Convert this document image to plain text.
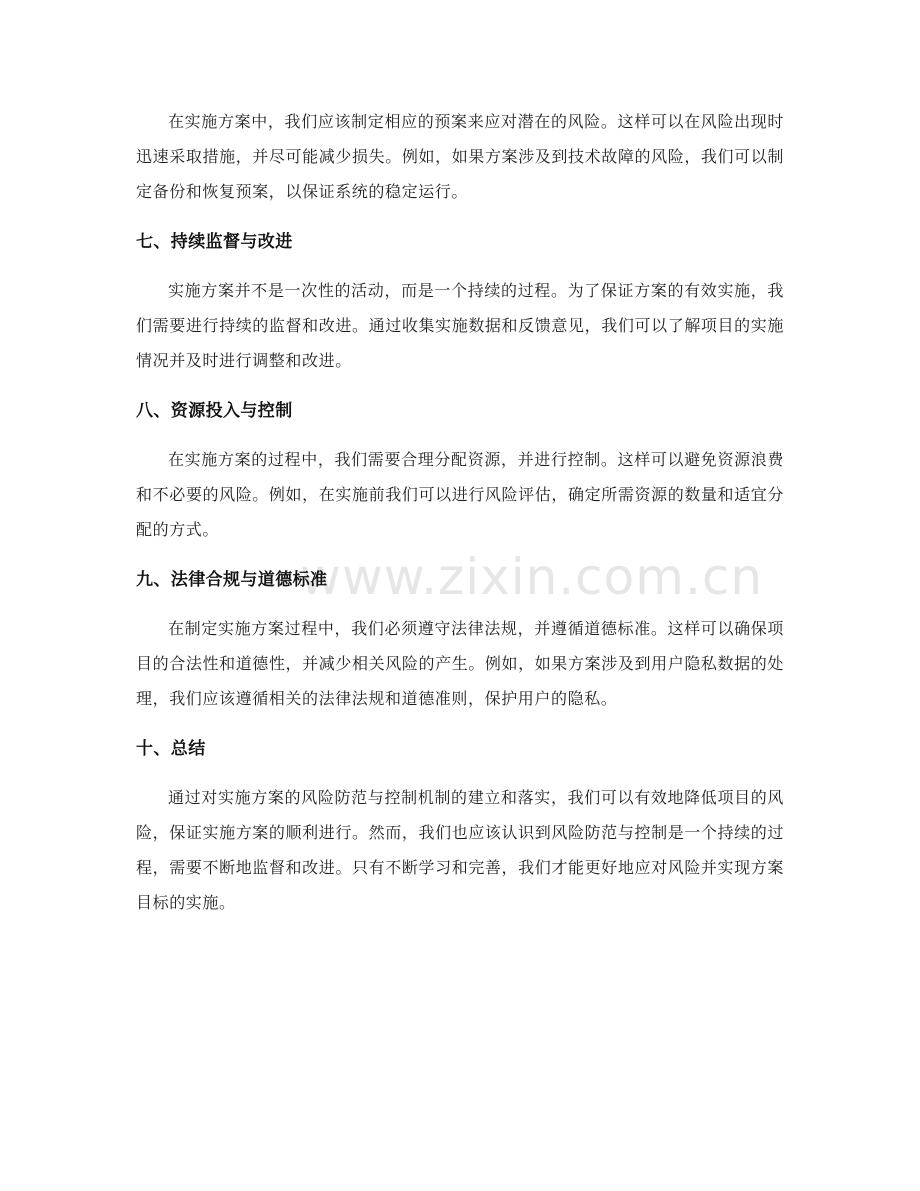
www.zixin.com.cn

在实施方案中，我们应该制定相应的预案来应对潜在的风险。这样可以在风险出现时迅速采取措施，并尽可能减少损失。例如，如果方案涉及到技术故障的风险，我们可以制定备份和恢复预案，以保证系统的稳定运行。

七、持续监督与改进

实施方案并不是一次性的活动，而是一个持续的过程。为了保证方案的有效实施，我们需要进行持续的监督和改进。通过收集实施数据和反馈意见，我们可以了解项目的实施情况并及时进行调整和改进。

八、资源投入与控制

在实施方案的过程中，我们需要合理分配资源，并进行控制。这样可以避免资源浪费和不必要的风险。例如，在实施前我们可以进行风险评估，确定所需资源的数量和适宜分配的方式。

九、法律合规与道德标准

在制定实施方案过程中，我们必须遵守法律法规，并遵循道德标准。这样可以确保项目的合法性和道德性，并减少相关风险的产生。例如，如果方案涉及到用户隐私数据的处理，我们应该遵循相关的法律法规和道德准则，保护用户的隐私。

十、总结

通过对实施方案的风险防范与控制机制的建立和落实，我们可以有效地降低项目的风险，保证实施方案的顺利进行。然而，我们也应该认识到风险防范与控制是一个持续的过程，需要不断地监督和改进。只有不断学习和完善，我们才能更好地应对风险并实现方案目标的实施。
